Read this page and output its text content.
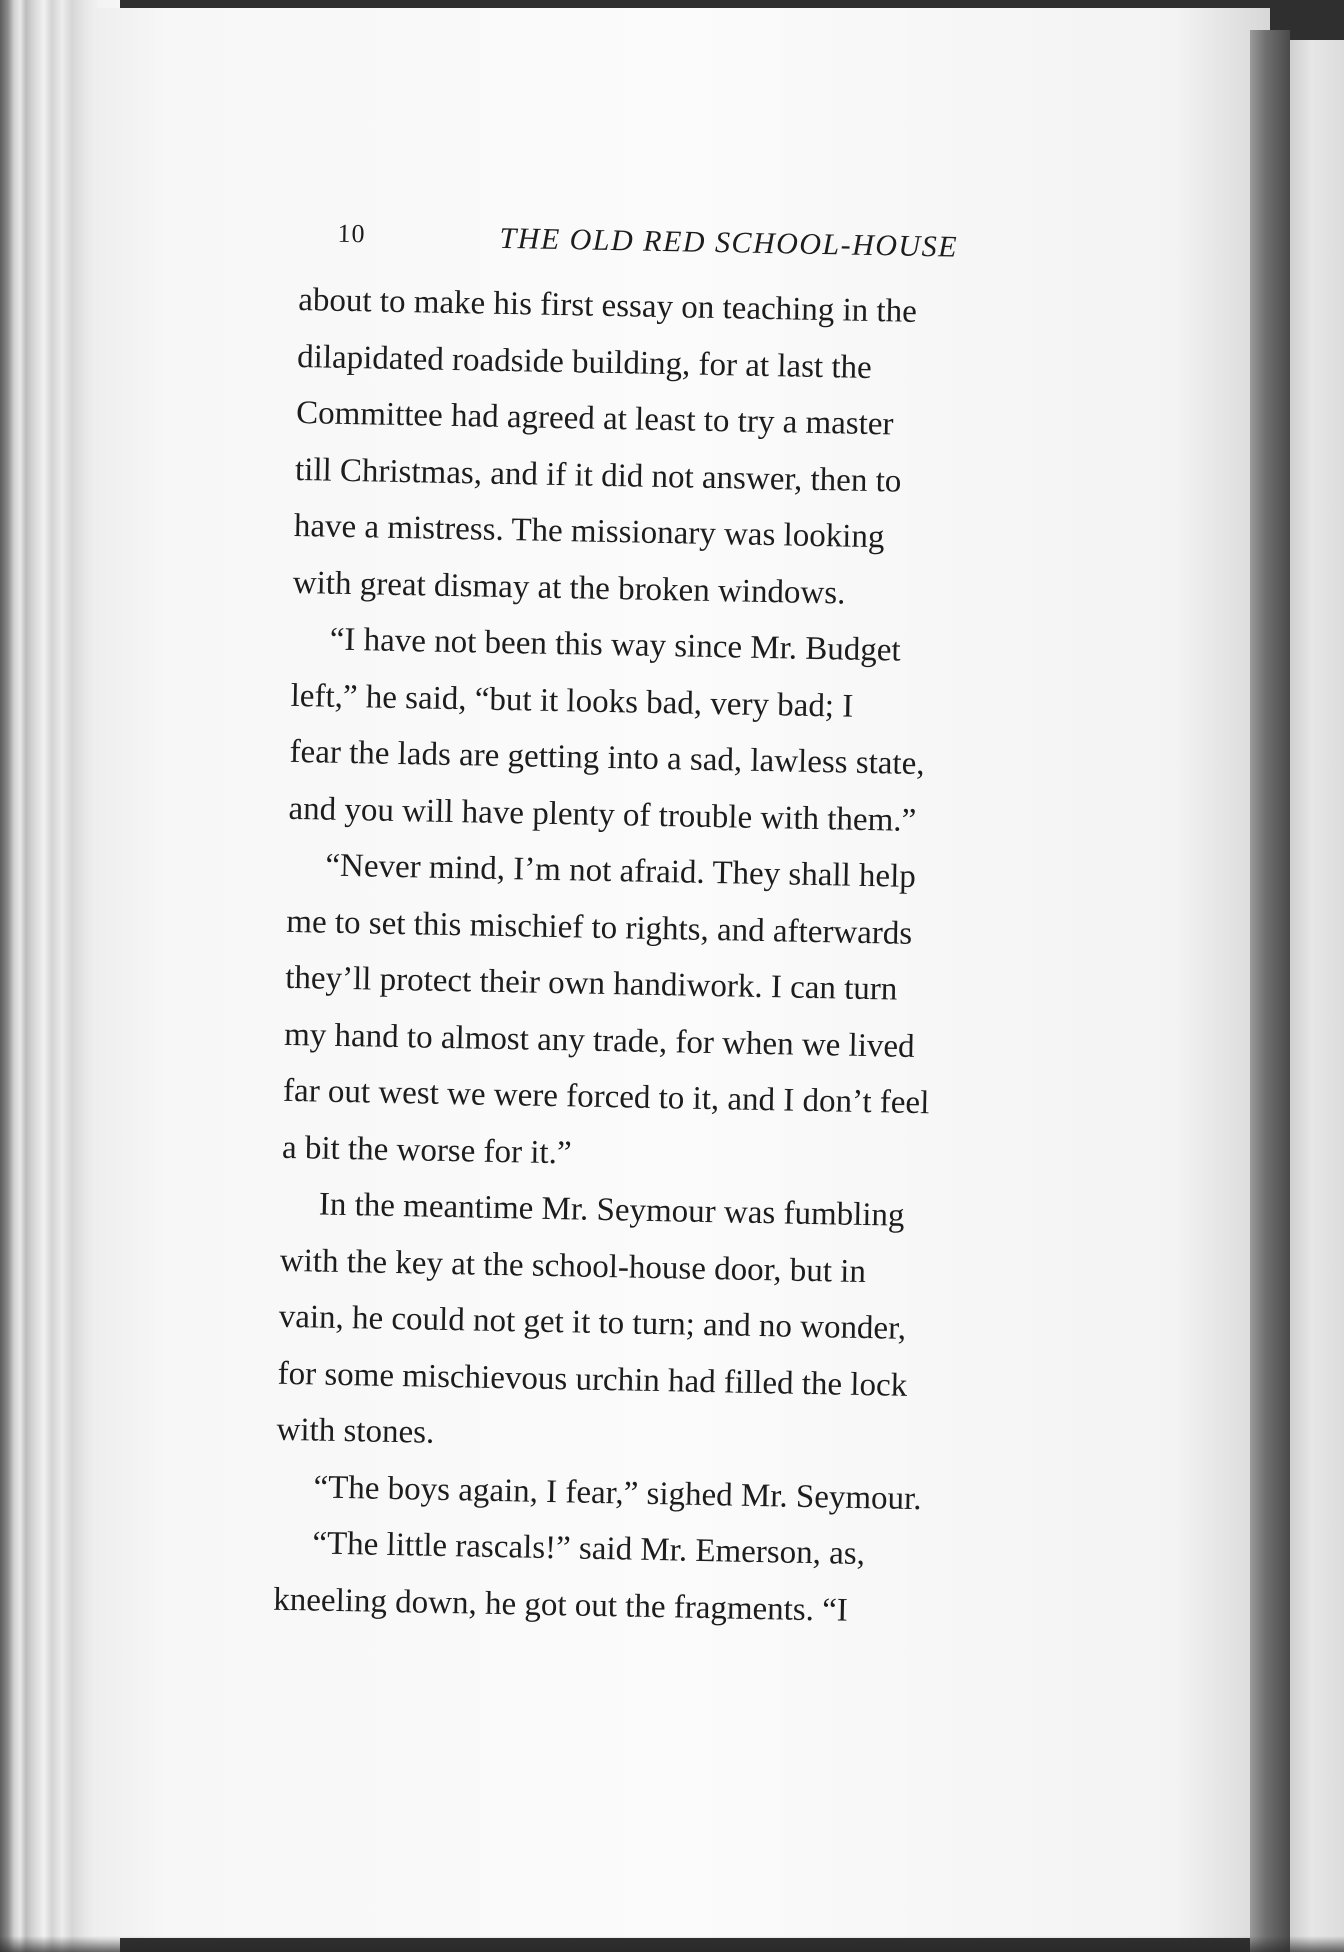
10	THE OLD RED SCHOOL-HOUSE

about to make his first essay on teaching in the
dilapidated roadside building, for at last the
Committee had agreed at least to try a master
till Christmas, and if it did not answer, then to
have a mistress. The missionary was looking
with great dismay at the broken windows.

“I have not been this way since Mr. Budget
left,” he said, “but it looks bad, very bad; I
fear the lads are getting into a sad, lawless state,
and you will have plenty of trouble with them.”

“Never mind, I’m not afraid. They shall help
me to set this mischief to rights, and afterwards
they’ll protect their own handiwork. I can turn
my hand to almost any trade, for when we lived
far out west we were forced to it, and I don’t feel
a bit the worse for it.”

In the meantime Mr. Seymour was fumbling
with the key at the school-house door, but in
vain, he could not get it to turn; and no wonder,
for some mischievous urchin had filled the lock
with stones.

“The boys again, I fear,” sighed Mr. Seymour.

“The little rascals!” said Mr. Emerson, as,
kneeling down, he got out the fragments. “I
